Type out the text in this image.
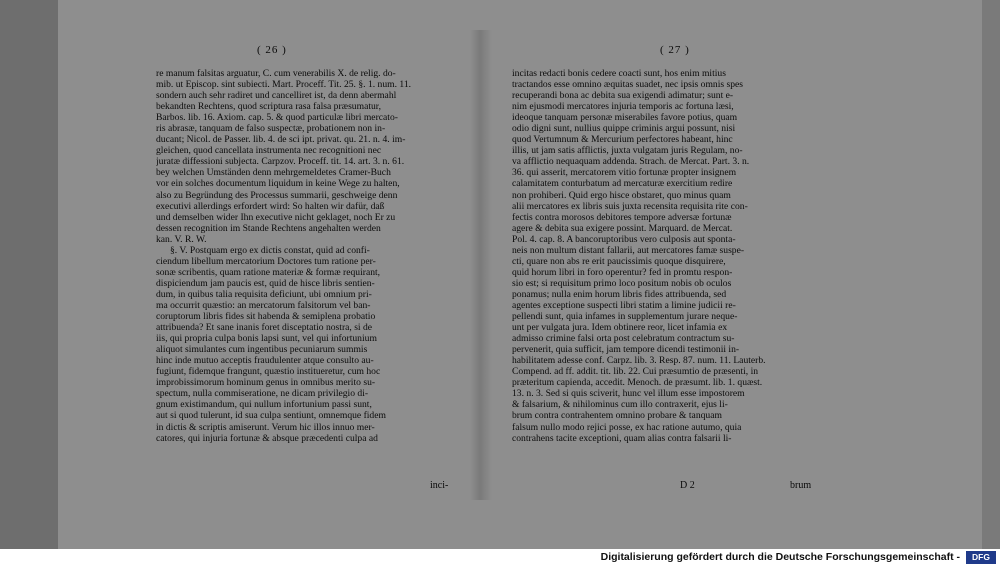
( 26 )	( 27 )
re manum falsitas arguatur, C. cum venerabilis X. de relig. do-
mib. ut Episcop. sint subiecti. Mart. Proceff. Tit. 25. §. 1. num. 11.
sondern auch sehr radiret und cancelliret ist, da denn abermahl
bekandten Rechtens, quod scriptura rasa falsa præsumatur,
Barbos. lib. 16. Axiom. cap. 5. & quod particulæ libri mercato-
ris abrasæ, tanquam de falso suspectæ, probationem non in-
ducant; Nicol. de Passer. lib. 4. de sci ipt. privat. qu. 21. n. 4. im-
gleichen, quod cancellata instrumenta nec recognitioni nec
juratæ diffessioni subjecta. Carpzov. Proceff. tit. 14. art. 3. n. 61.
bey welchen Umständen denn mehrgemeldetes Cramer-Buch
vor ein solches documentum liquidum in keine Wege zu halten,
also zu Begründung des Processus summarii, geschweige denn
executivi allerdings erfordert wird: So halten wir dafür, daß
und demselben wider Ihn executive nicht geklaget, noch Er zu
dessen recognition im Stande Rechtens angehalten werden
kan. V. R. W.
§. V. Postquam ergo ex dictis constat, quid ad confi-
ciendum libellum mercatorium Doctores tum ratione per-
sonæ scribentis, quam ratione materiæ & formæ requirant,
dispiciendum jam paucis est, quid de hisce libris sentien-
dum, in quibus talia requisita deficiunt, ubi omnium pri-
ma occurrit quæstio: an mercatorum falsitorum vel ban-
coruptorum libris fides sit habenda & semiplena probatio
attribuenda? Et sane inanis foret disceptatio nostra, si de
iis, qui propria culpa bonis lapsi sunt, vel qui infortunium
aliquot simulantes cum ingentibus pecuniarum summis
hinc inde mutuo acceptis fraudulenter atque consulto au-
fugiunt, fidemque frangunt, quæstio institueretur, cum hoc
improbissimorum hominum genus in omnibus merito su-
spectum, nulla commiseratione, ne dicam privilegio di-
gnum existimandum, qui nullum infortunium passi sunt,
aut si quod tulerunt, id sua culpa sentiunt, omnemque fidem
in dictis & scriptis amiserunt. Verum hic illos innuo mer-
catores, qui injuria fortunæ & absque præcedenti culpa ad
incitas redacti bonis cedere coacti sunt, hos enim mitius
tractandos esse omnino æquitas suadet, nec ipsis omnis spes
recuperandi bona ac debita sua exigendi adimatur; sunt e-
nim ejusmodi mercatores injuria temporis ac fortuna læsi,
ideoque tanquam personæ miserabiles favore potius, quam
odio digni sunt, nullius quippe criminis argui possunt, nisi
quod Vertumnum & Mercurium perfectores habeant, hinc
illis, ut jam satis afflictis, juxta vulgatam juris Regulam, no-
va afflictio nequaquam addenda. Strach. de Mercat. Part. 3. n.
36. qui asserit, mercatorem vitio fortunæ propter insignem
calamitatem conturbatum ad mercaturæ exercitium redire
non prohiberi. Quid ergo hisce obstaret, quo minus quam
alii mercatores ex libris suis juxta recensita requisita rite con-
fectis contra morosos debitores tempore adversæ fortunæ
agere & debita sua exigere possint. Marquard. de Mercat.
Pol. 4. cap. 8. A bancoruptoribus vero culposis aut sponta-
neis non multum distant fallarii, aut mercatores famæ suspe-
cti, quare non abs re erit paucissimis quoque disquirere,
quid horum libri in foro operentur? fed in promtu respon-
sio est; si requisitum primo loco positum nobis ob oculos
ponamus; nulla enim horum libris fides attribuenda, sed
agentes exceptione suspecti libri statim a limine judicii re-
pellendi sunt, quia infames in supplementum jurare neque-
unt per vulgata jura. Idem obtinere reor, licet infamia ex
admisso crimine falsi orta post celebratum contractum su-
pervenerit, quia sufficit, jam tempore dicendi testimonii in-
habilitatem adesse conf. Carpz. lib. 3. Resp. 87. num. 11. Lauterb.
Compend. ad ff. addit. tit. lib. 22. Cui præsumtio de præsenti, in
præteritum capienda, accedit. Menoch. de præsumt. lib. 1. quæst.
13. n. 3. Sed si quis sciverit, hunc vel illum esse impostorem
& falsarium, & nihilominus cum illo contraxerit, ejus li-
brum contra contrahentem omnino probare & tanquam
falsum nullo modo rejici posse, ex hac ratione autumo, quia
contrahens tacite exceptioni, quam alias contra falsarii li-
inci-	D 2	brum
Digitalisierung gefördert durch die Deutsche Forschungsgemeinschaft -	DFG
